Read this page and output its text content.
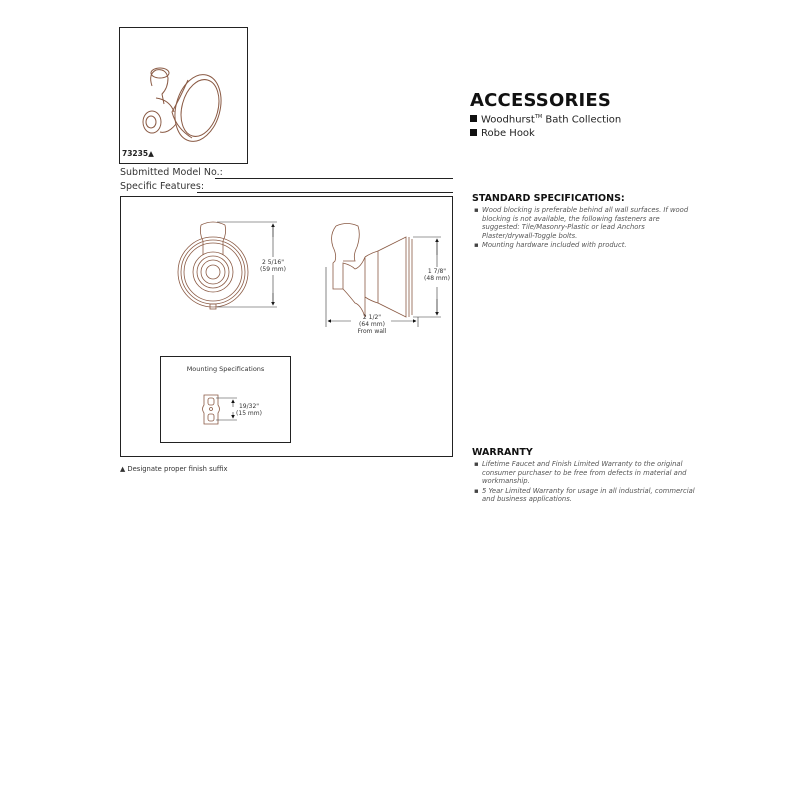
73235▲
Submitted Model No.:
Specific Features:
2 5/16"
(59 mm)	1 7/8"
(48 mm)
2 1/2"
(64 mm)
From wall
Mounting Specifications
19/32"
(15 mm)
▲ Designate proper finish suffix
ACCESSORIES
Woodhurst™ Bath Collection
Robe Hook
STANDARD SPECIFICATIONS:
▪ Wood blocking is preferable behind all wall surfaces. If wood blocking is not available, the following fasteners are suggested: Tile/Masonry-Plastic or lead Anchors Plaster/drywall-Toggle bolts.
▪ Mounting hardware included with product.
WARRANTY
▪ Lifetime Faucet and Finish Limited Warranty to the original consumer purchaser to be free from defects in material and workmanship.
▪ 5 Year Limited Warranty for usage in all industrial, commercial and business applications.
